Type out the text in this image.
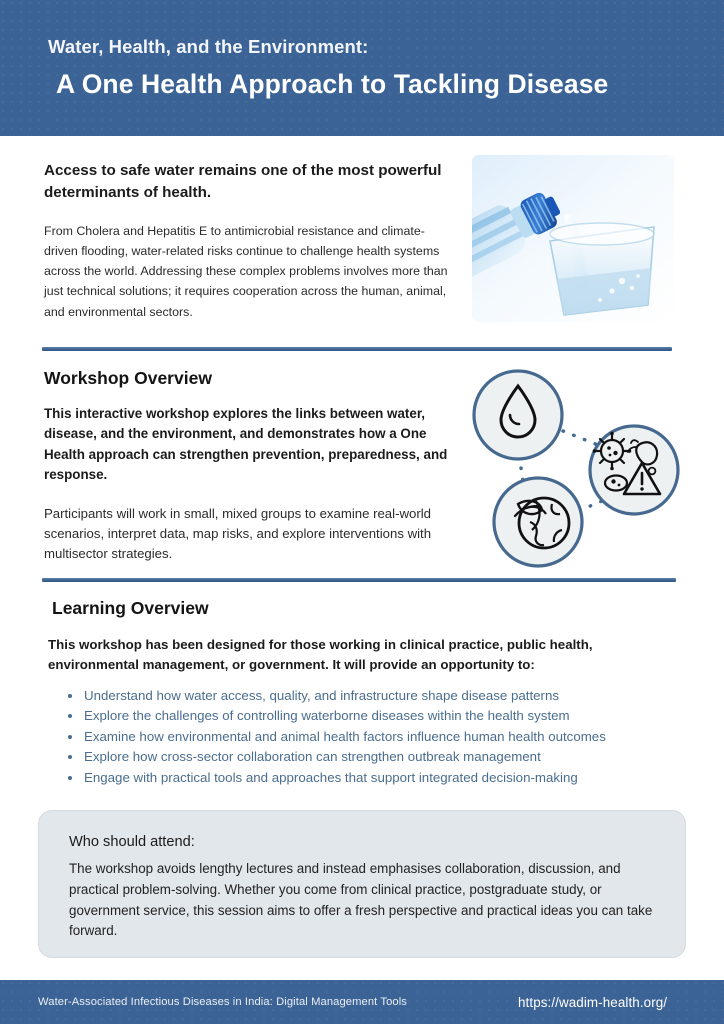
Water, Health, and the Environment:
A One Health Approach to Tackling Disease
Access to safe water remains one of the most powerful determinants of health.
From Cholera and Hepatitis E to antimicrobial resistance and climate-driven flooding, water-related risks continue to challenge health systems across the world. Addressing these complex problems involves more than just technical solutions; it requires cooperation across the human, animal, and environmental sectors.
Workshop Overview
This interactive workshop explores the links between water, disease, and the environment, and demonstrates how a One Health approach can strengthen prevention, preparedness, and response.
Participants will work in small, mixed groups to examine real-world scenarios, interpret data, map risks, and explore interventions with multisector strategies.
Learning Overview
This workshop has been designed for those working in clinical practice, public health, environmental management, or government. It will provide an opportunity to:
Understand how water access, quality, and infrastructure shape disease patterns
Explore the challenges of controlling waterborne diseases within the health system
Examine how environmental and animal health factors influence human health outcomes
Explore how cross-sector collaboration can strengthen outbreak management
Engage with practical tools and approaches that support integrated decision-making
Who should attend:
The workshop avoids lengthy lectures and instead emphasises collaboration, discussion, and practical problem-solving. Whether you come from clinical practice, postgraduate study, or government service, this session aims to offer a fresh perspective and practical ideas you can take forward.
Water-Associated Infectious Diseases in India: Digital Management Tools	https://wadim-health.org/
